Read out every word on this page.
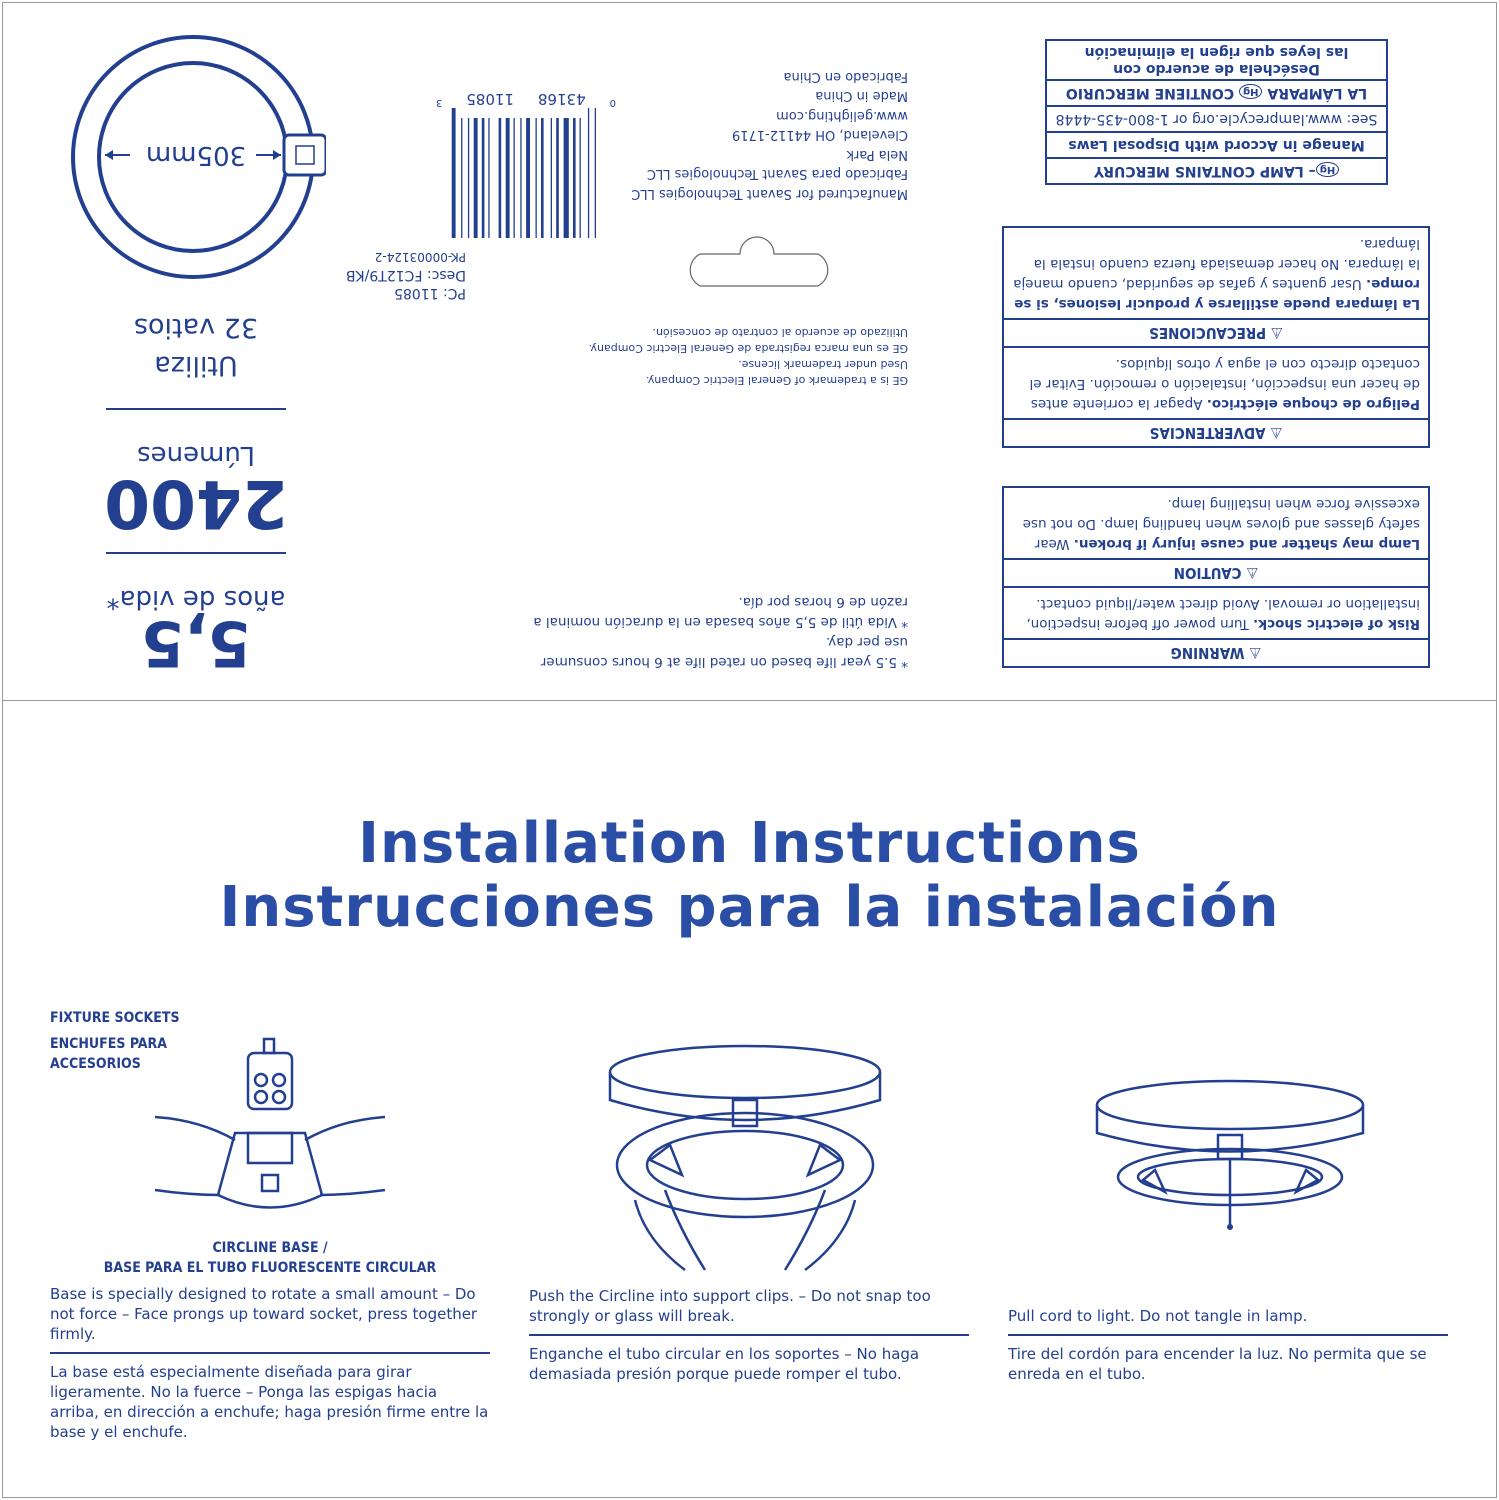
⚠ WARNING
Risk of electric shock. Turn power off before inspection, installation or removal. Avoid direct water/liquid contact.
⚠ CAUTION
Lamp may shatter and cause injury if broken. Wear safety glasses and gloves when handling lamp. Do not use excessive force when installing lamp.
⚠ ADVERTENCIAS
Peligro de choque eléctrico. Apagar la corriente antes de hacer una inspección, instalación o remoción. Evitar el contacto directo con el agua y otros líquidos.
⚠ PRECAUCIONES
La lámpara puede astillarse y producir lesiones, si se rompe. Usar guantes y gafas de seguridad, cuando maneja la lámpara. No hacer demasiada fuerza cuando instala la lámpara.
Hg– LAMP CONTAINS MERCURY
Manage in Accord with Disposal Laws
See: www.lamprecycle.org or 1-800-435-4448
LA LÁMPARA Hg CONTIENE MERCURIO
Deséchela de acuerdo con
las leyes que rigen la eliminación
* 5.5 year life based on rated life at 6 hours consumer use per day.
* Vida útil de 5,5 años basada en la duración nominal a razón de 6 horas por día.
GE is a trademark of General Electric Company.
Used under trademark license.
GE es una marca registrada de General Electric Company.
Utilizado de acuerdo al contrato de concesión.
Manufactured for Savant Technologies LLC
Fabricado para Savant Technologies LLC
Nela Park
Cleveland, OH 44112-1719
www.gelighting.com
Made in China
Fabricado en China
PC: 11085
Desc: FC12T9/KB
PK-00003124-2
0
43168
11085
3
305mm
5,5
años de vida*
2400
Lúmenes
Utiliza
32 vatios
Installation Instructions
Instrucciones para la instalación
FIXTURE SOCKETS
ENCHUFES PARA
ACCESORIOS
CIRCLINE BASE /
BASE PARA EL TUBO FLUORESCENTE CIRCULAR
Base is specially designed to rotate a small amount – Do not force – Face prongs up toward socket, press together firmly.
La base está especialmente diseñada para girar ligeramente. No la fuerce – Ponga las espigas hacia arriba, en dirección a enchufe; haga presión firme entre la base y el enchufe.
Push the Circline into support clips. – Do not snap too strongly or glass will break.
Enganche el tubo circular en los soportes – No haga demasiada presión porque puede romper el tubo.
Pull cord to light. Do not tangle in lamp.
Tire del cordón para encender la luz. No permita que se enreda en el tubo.
